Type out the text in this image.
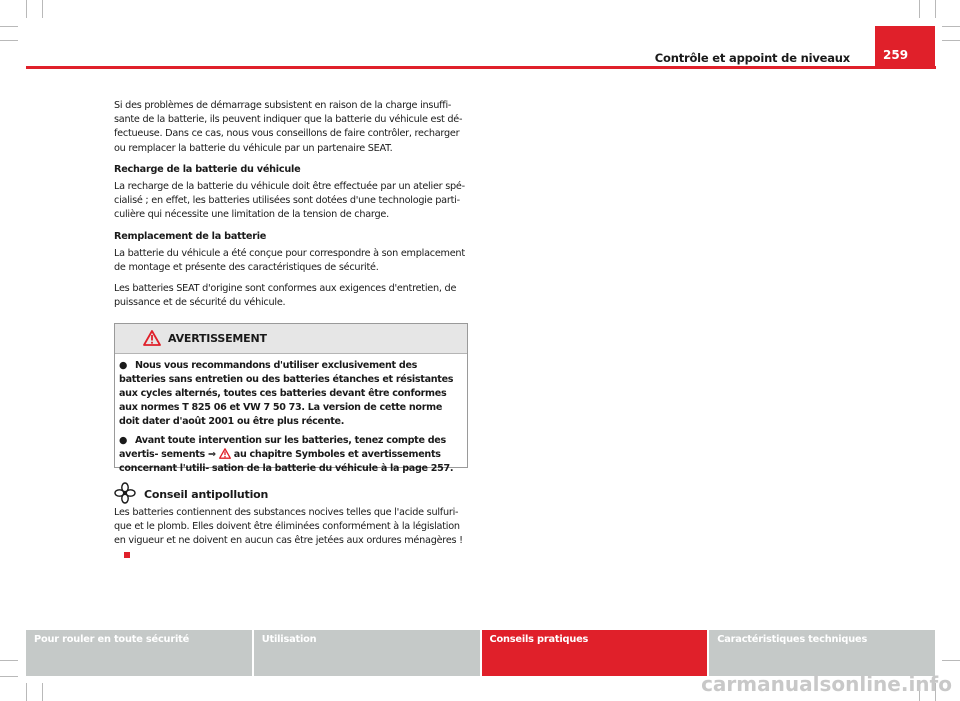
Contrôle et appoint de niveaux	259

Si des problèmes de démarrage subsistent en raison de la charge insuffi- sante de la batterie, ils peuvent indiquer que la batterie du véhicule est dé- fectueuse. Dans ce cas, nous vous conseillons de faire contrôler, recharger ou remplacer la batterie du véhicule par un partenaire SEAT.

Recharge de la batterie du véhicule

La recharge de la batterie du véhicule doit être effectuée par un atelier spé- cialisé ; en effet, les batteries utilisées sont dotées d'une technologie parti- culière qui nécessite une limitation de la tension de charge.

Remplacement de la batterie

La batterie du véhicule a été conçue pour correspondre à son emplacement de montage et présente des caractéristiques de sécurité.

Les batteries SEAT d'origine sont conformes aux exigences d'entretien, de puissance et de sécurité du véhicule.

AVERTISSEMENT

● Nous vous recommandons d'utiliser exclusivement des batteries sans entretien ou des batteries étanches et résistantes aux cycles alternés, toutes ces batteries devant être conformes aux normes T 825 06 et VW 7 50 73. La version de cette norme doit dater d'août 2001 ou être plus récente.

● Avant toute intervention sur les batteries, tenez compte des avertis- sements ⇒ au chapitre Symboles et avertissements concernant l'utili- sation de la batterie du véhicule à la page 257.

Conseil antipollution

Les batteries contiennent des substances nocives telles que l'acide sulfuri- que et le plomb. Elles doivent être éliminées conformément à la législation en vigueur et ne doivent en aucun cas être jetées aux ordures ménagères !

Pour rouler en toute sécurité	Utilisation	Conseils pratiques	Caractéristiques techniques
carmanualsonline.info
